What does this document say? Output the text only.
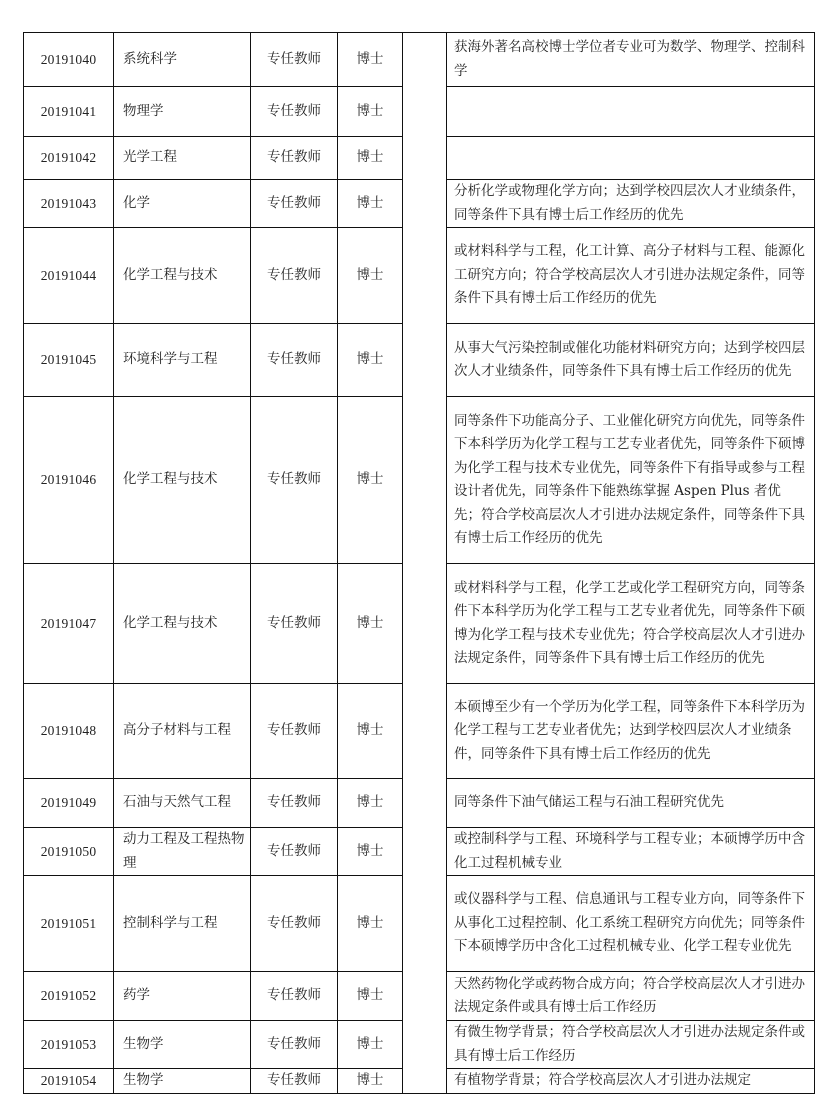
20191040	系统科学	专任教师	博士		获海外著名高校博士学位者专业可为数学、物理学、控制科学
20191041	物理学	专任教师	博士		
20191042	光学工程	专任教师	博士		
20191043	化学	专任教师	博士		分析化学或物理化学方向；达到学校四层次人才业绩条件，同等条件下具有博士后工作经历的优先
20191044	化学工程与技术	专任教师	博士		或材料科学与工程，化工计算、高分子材料与工程、能源化工研究方向；符合学校高层次人才引进办法规定条件，同等条件下具有博士后工作经历的优先
20191045	环境科学与工程	专任教师	博士		从事大气污染控制或催化功能材料研究方向；达到学校四层次人才业绩条件，同等条件下具有博士后工作经历的优先
20191046	化学工程与技术	专任教师	博士		同等条件下功能高分子、工业催化研究方向优先，同等条件下本科学历为化学工程与工艺专业者优先，同等条件下硕博为化学工程与技术专业优先，同等条件下有指导或参与工程设计者优先，同等条件下能熟练掌握 Aspen Plus 者优先；符合学校高层次人才引进办法规定条件，同等条件下具有博士后工作经历的优先
20191047	化学工程与技术	专任教师	博士		或材料科学与工程，化学工艺或化学工程研究方向，同等条件下本科学历为化学工程与工艺专业者优先，同等条件下硕博为化学工程与技术专业优先；符合学校高层次人才引进办法规定条件，同等条件下具有博士后工作经历的优先
20191048	高分子材料与工程	专任教师	博士		本硕博至少有一个学历为化学工程，同等条件下本科学历为化学工程与工艺专业者优先；达到学校四层次人才业绩条件，同等条件下具有博士后工作经历的优先
20191049	石油与天然气工程	专任教师	博士		同等条件下油气储运工程与石油工程研究优先
20191050	动力工程及工程热物理	专任教师	博士		或控制科学与工程、环境科学与工程专业；本硕博学历中含化工过程机械专业
20191051	控制科学与工程	专任教师	博士		或仪器科学与工程、信息通讯与工程专业方向，同等条件下从事化工过程控制、化工系统工程研究方向优先；同等条件下本硕博学历中含化工过程机械专业、化学工程专业优先
20191052	药学	专任教师	博士		天然药物化学或药物合成方向；符合学校高层次人才引进办法规定条件或具有博士后工作经历
20191053	生物学	专任教师	博士		有微生物学背景；符合学校高层次人才引进办法规定条件或具有博士后工作经历
20191054	生物学	专任教师	博士		有植物学背景；符合学校高层次人才引进办法规定
